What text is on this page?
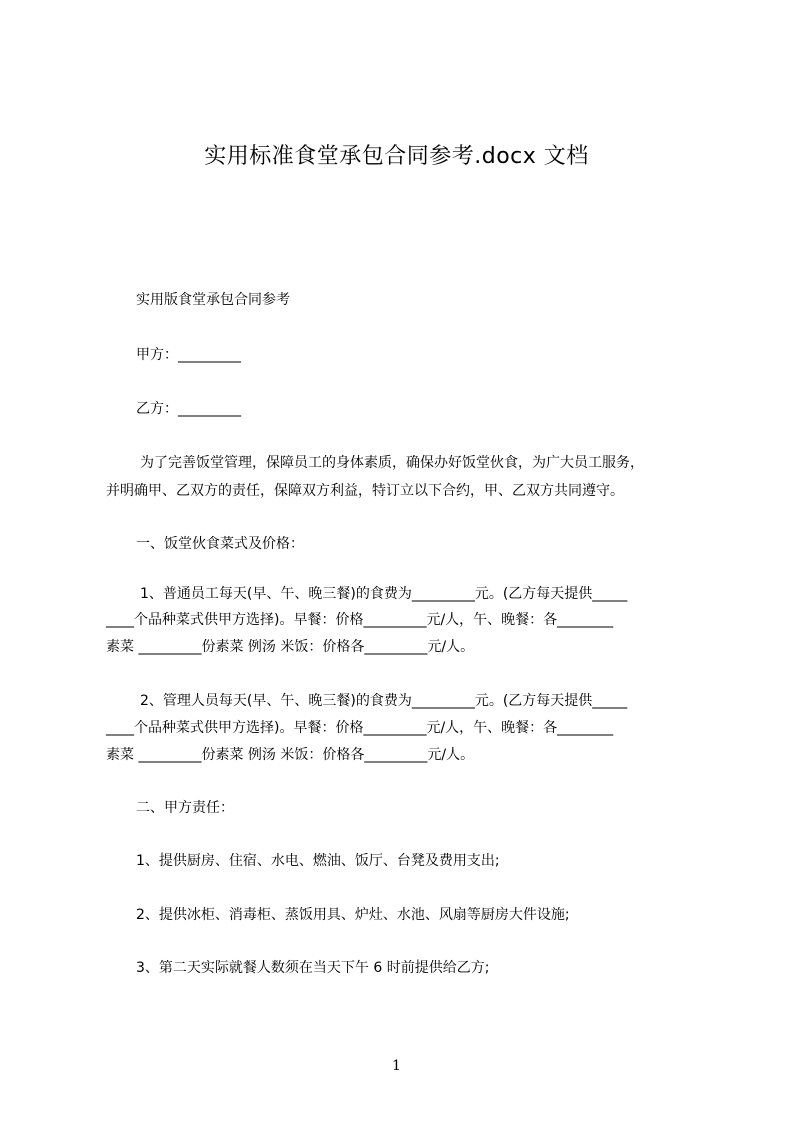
实用标准食堂承包合同参考.docx 文档
实用版食堂承包合同参考
甲方：_________
乙方：_________
为了完善饭堂管理，保障员工的身体素质，确保办好饭堂伙食，为广大员工服务，
并明确甲、乙双方的责任，保障双方利益，特订立以下合约，甲、乙双方共同遵守。
一、饭堂伙食菜式及价格：
1、普通员工每天(早、午、晚三餐)的食费为_________元。(乙方每天提供_____
____个品种菜式供甲方选择)。早餐：价格_________元/人，午、晚餐：各________
素菜 _________份素菜 例汤 米饭：价格各_________元/人。
2、管理人员每天(早、午、晚三餐)的食费为_________元。(乙方每天提供_____
____个品种菜式供甲方选择)。早餐：价格_________元/人，午、晚餐：各________
素菜 _________份素菜 例汤 米饭：价格各_________元/人。
二、甲方责任：
1、提供厨房、住宿、水电、燃油、饭厅、台凳及费用支出;
2、提供冰柜、消毒柜、蒸饭用具、炉灶、水池、风扇等厨房大件设施;
3、第二天实际就餐人数须在当天下午 6 时前提供给乙方;
1
